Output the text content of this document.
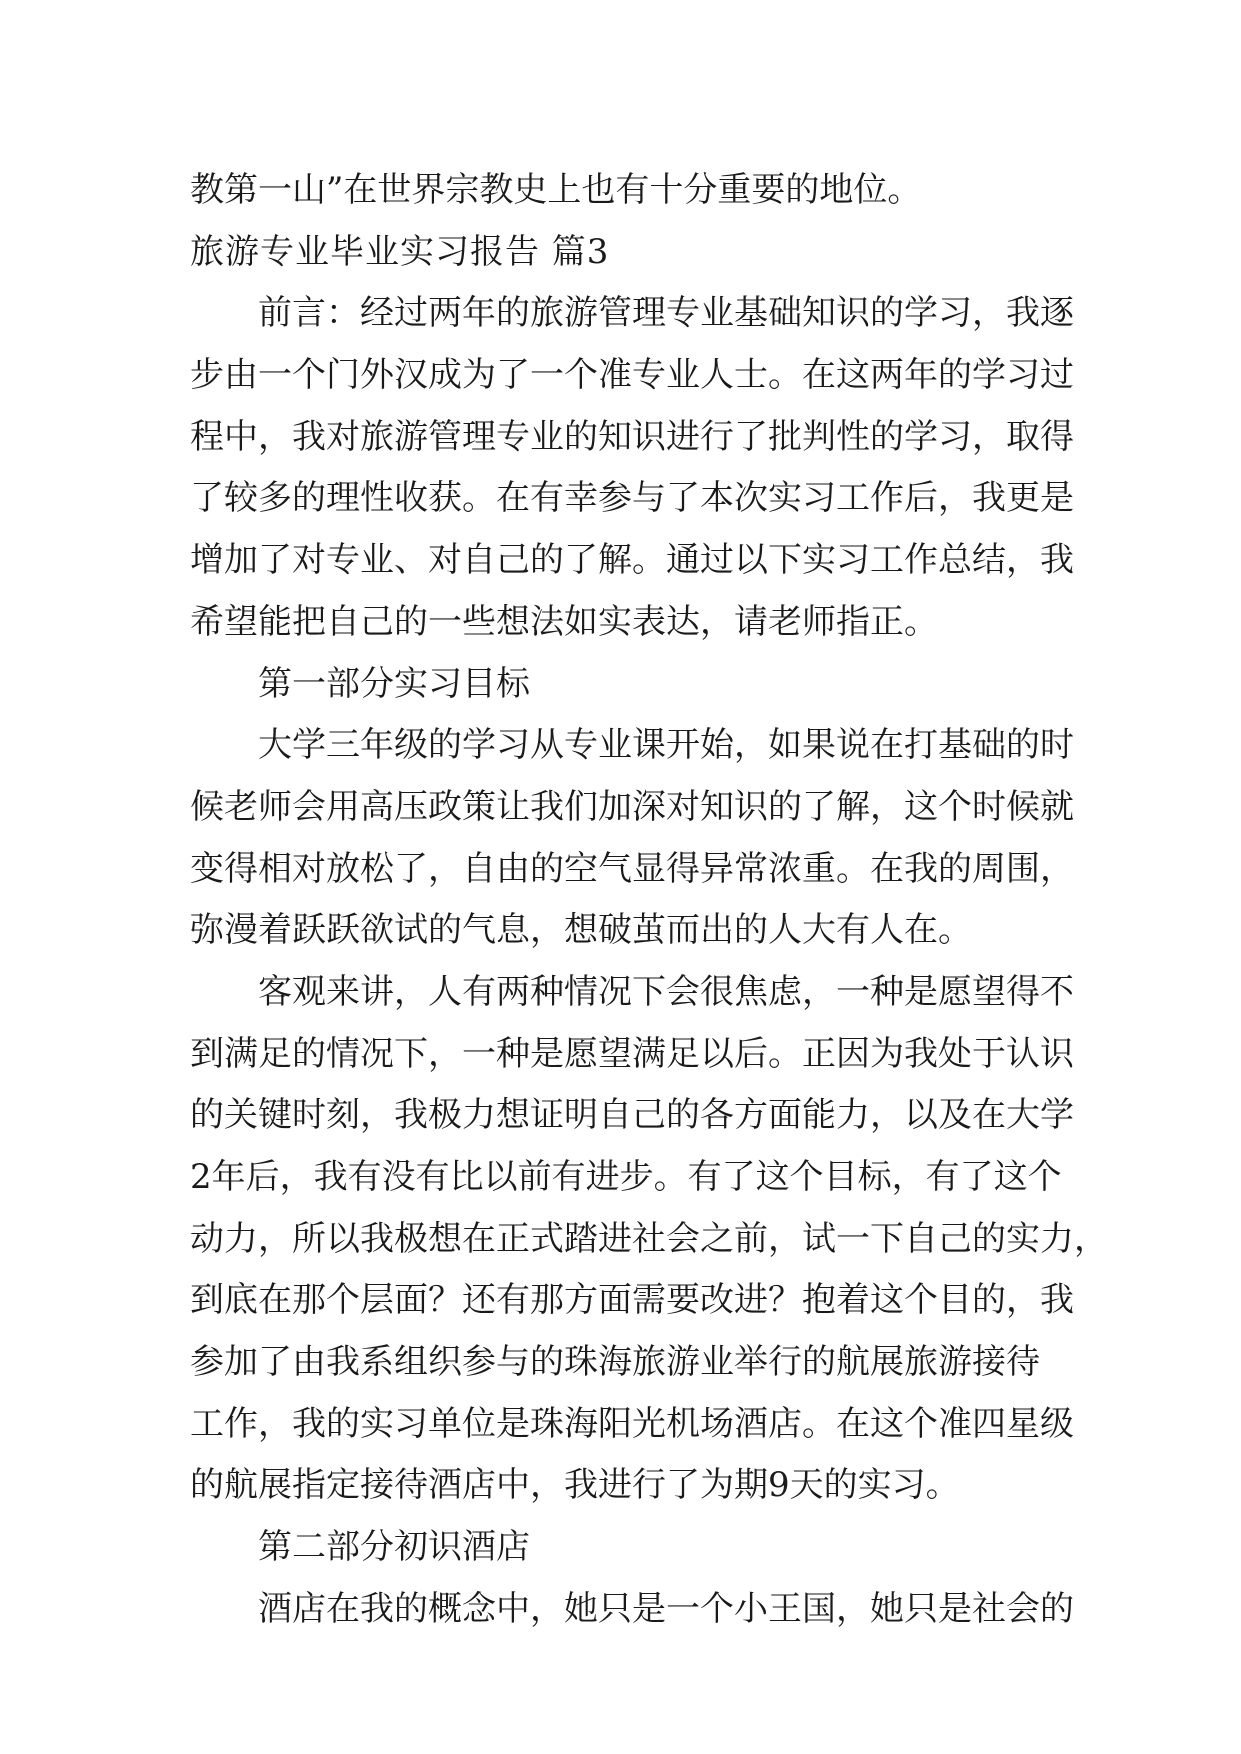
教第一山”在世界宗教史上也有十分重要的地位。
旅游专业毕业实习报告 篇3
前言：经过两年的旅游管理专业基础知识的学习，我逐
步由一个门外汉成为了一个准专业人士。在这两年的学习过
程中，我对旅游管理专业的知识进行了批判性的学习，取得
了较多的理性收获。在有幸参与了本次实习工作后，我更是
增加了对专业、对自己的了解。通过以下实习工作总结，我
希望能把自己的一些想法如实表达，请老师指正。
第一部分实习目标
大学三年级的学习从专业课开始，如果说在打基础的时
候老师会用高压政策让我们加深对知识的了解，这个时候就
变得相对放松了，自由的空气显得异常浓重。在我的周围，
弥漫着跃跃欲试的气息，想破茧而出的人大有人在。
客观来讲，人有两种情况下会很焦虑，一种是愿望得不
到满足的情况下，一种是愿望满足以后。正因为我处于认识
的关键时刻，我极力想证明自己的各方面能力，以及在大学
2年后，我有没有比以前有进步。有了这个目标，有了这个
动力，所以我极想在正式踏进社会之前，试一下自己的实力，
到底在那个层面？还有那方面需要改进？抱着这个目的，我
参加了由我系组织参与的珠海旅游业举行的航展旅游接待
工作，我的实习单位是珠海阳光机场酒店。在这个准四星级
的航展指定接待酒店中，我进行了为期9天的实习。
第二部分初识酒店
酒店在我的概念中，她只是一个小王国，她只是社会的
